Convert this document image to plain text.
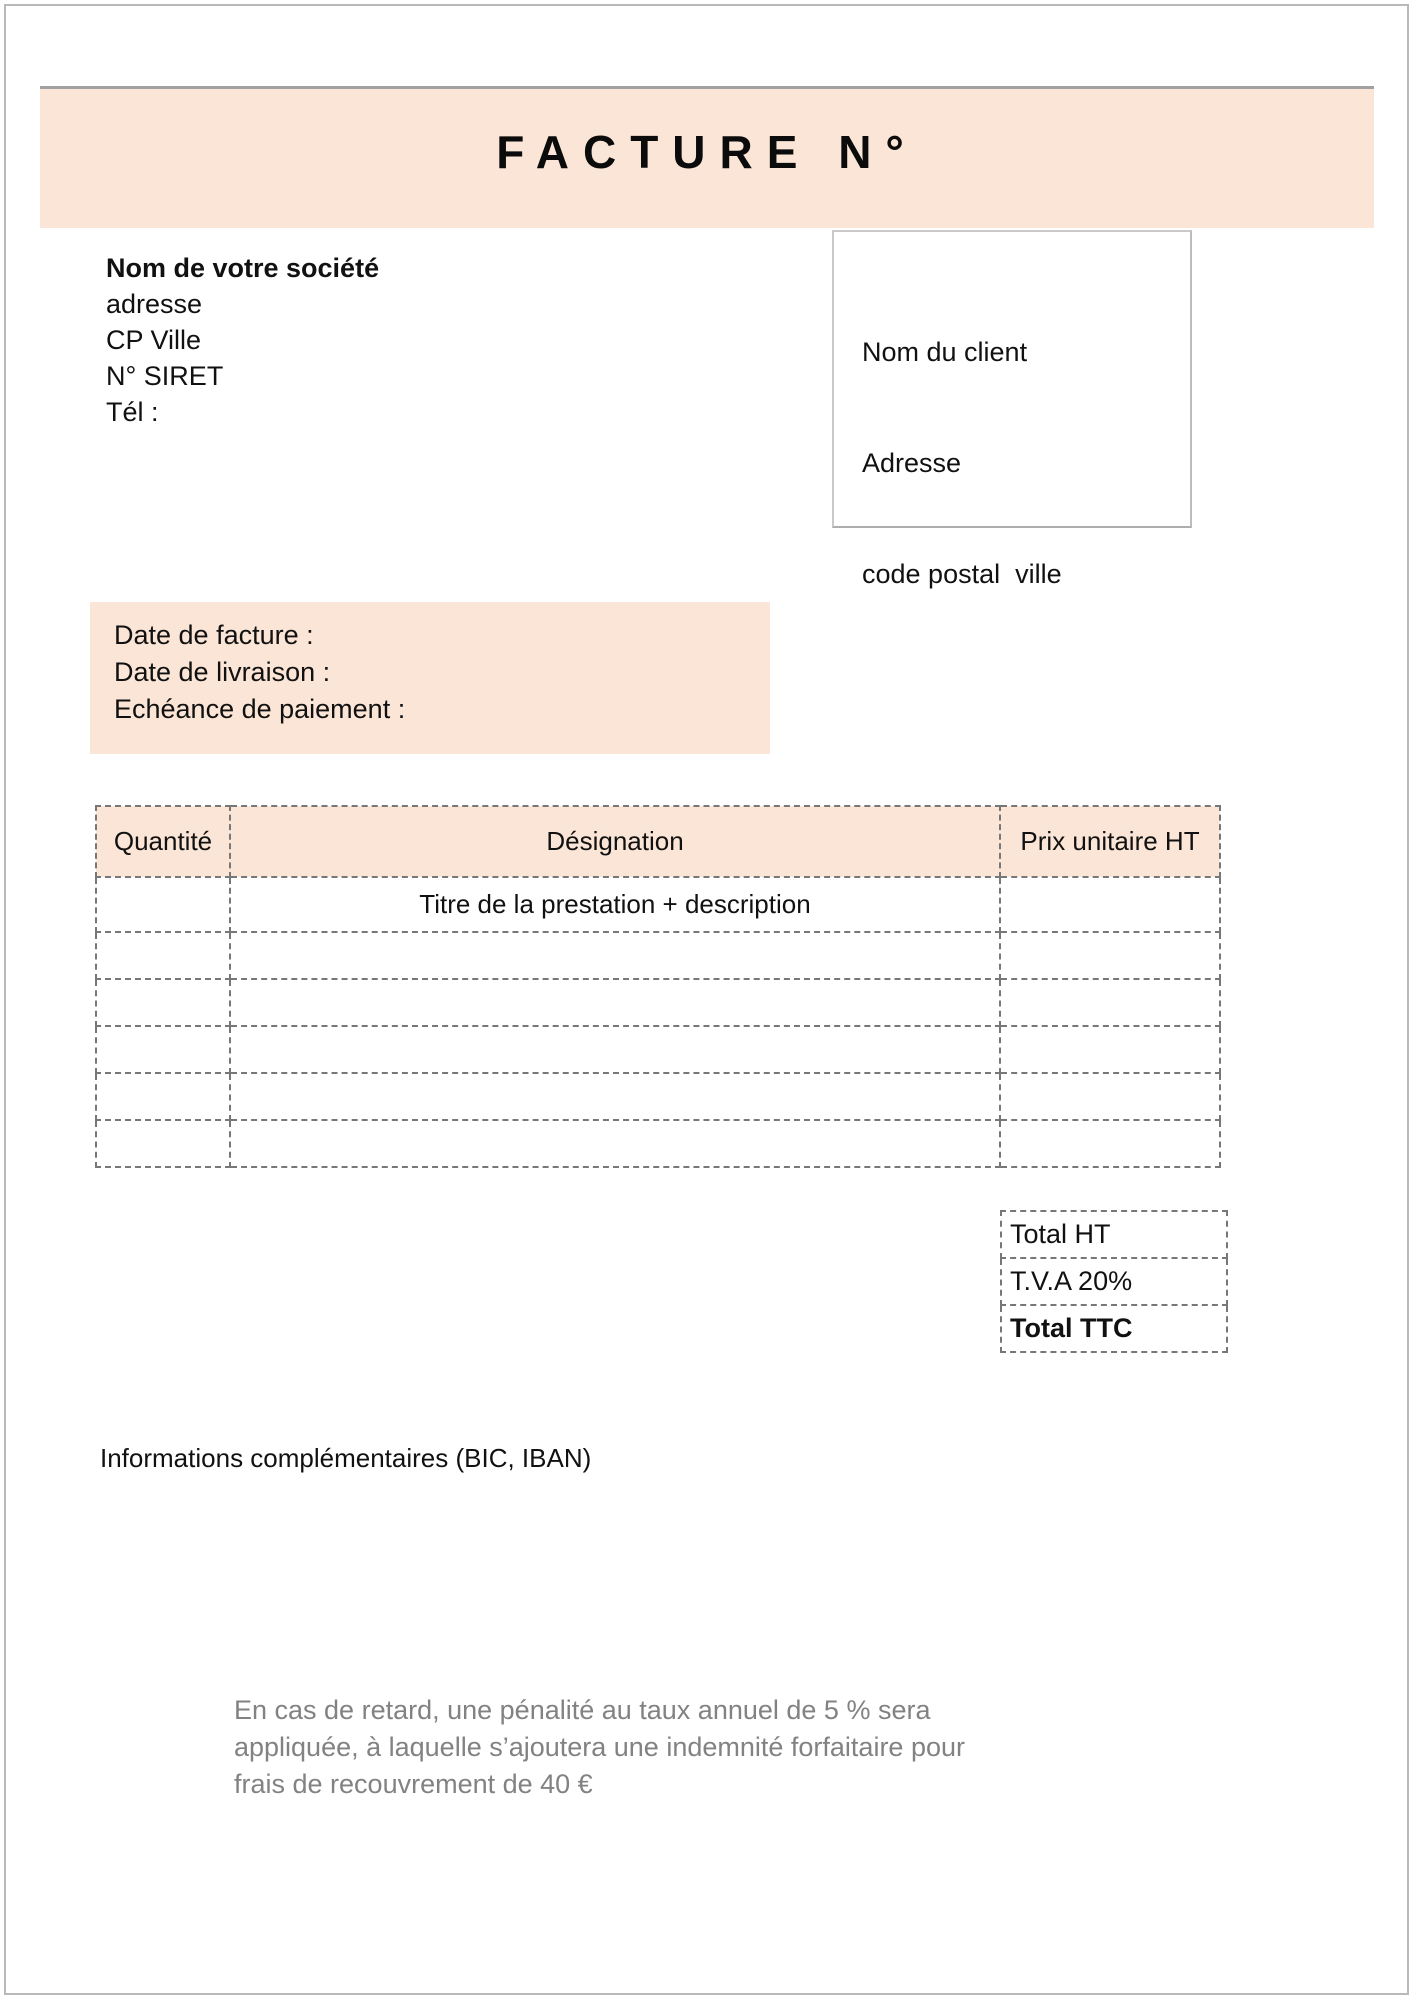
FACTURE N°
Nom de votre société
adresse
CP Ville
N° SIRET
Tél :

Nom du client

Adresse

code postal  ville

Date de facture :
Date de livraison :
Echéance de paiement :
Quantité	Désignation	Prix unitaire HT
	Titre de la prestation + description	

Total HT
T.V.A 20%
Total TTC
Informations complémentaires (BIC, IBAN)
En cas de retard, une pénalité au taux annuel de 5 % sera
appliquée, à laquelle s’ajoutera une indemnité forfaitaire pour
frais de recouvrement de 40 €
